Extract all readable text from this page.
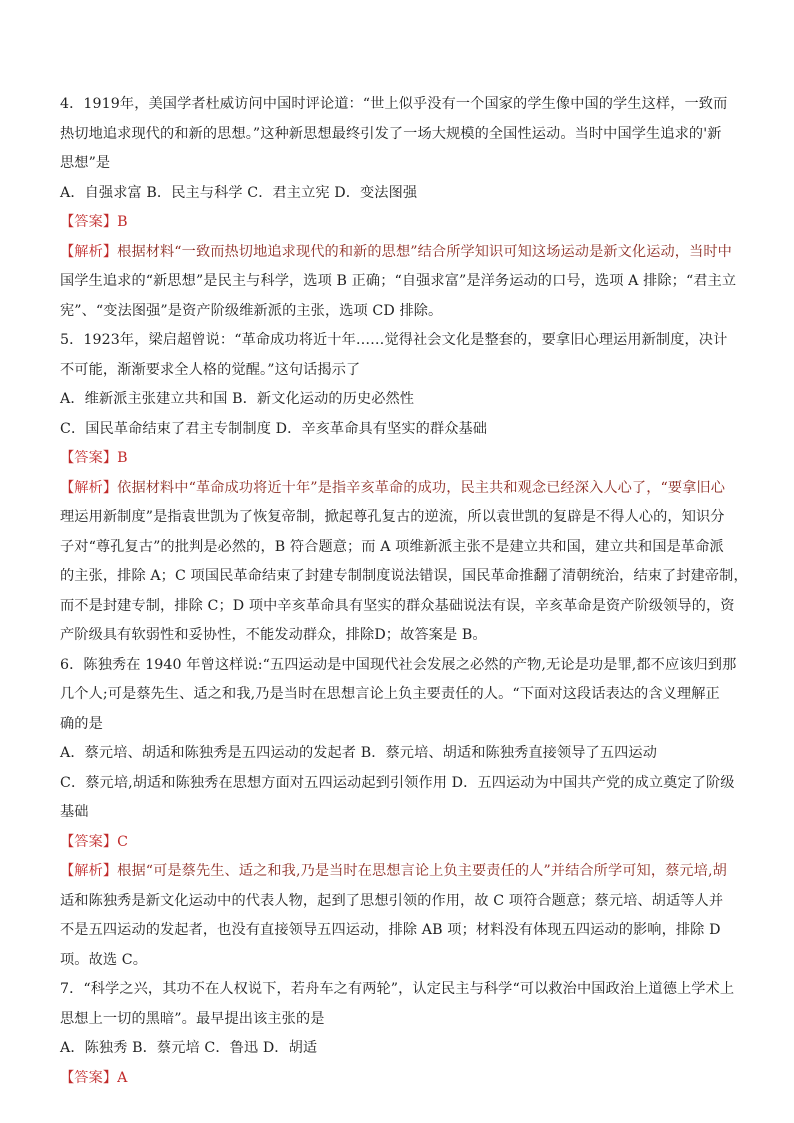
4．1919年，美国学者杜威访问中国时评论道：“世上似乎没有一个国家的学生像中国的学生这样，一致而
热切地追求现代的和新的思想。”这种新思想最终引发了一场大规模的全国性运动。当时中国学生追求的'新
思想”是
A．自强求富 B．民主与科学 C．君主立宪 D．变法图强
【答案】B
【解析】根据材料“一致而热切地追求现代的和新的思想”结合所学知识可知这场运动是新文化运动，当时中
国学生追求的“新思想”是民主与科学，选项 B 正确；“自强求富”是洋务运动的口号，选项 A 排除；“君主立
宪”、“变法图强”是资产阶级维新派的主张，选项 CD 排除。
5．1923年，梁启超曾说：“革命成功将近十年……觉得社会文化是整套的，要拿旧心理运用新制度，决计
不可能，渐渐要求全人格的觉醒。”这句话揭示了
A．维新派主张建立共和国 B．新文化运动的历史必然性
C．国民革命结束了君主专制制度 D．辛亥革命具有坚实的群众基础
【答案】B
【解析】依据材料中“革命成功将近十年”是指辛亥革命的成功，民主共和观念已经深入人心了，“要拿旧心
理运用新制度”是指袁世凯为了恢复帝制，掀起尊孔复古的逆流，所以袁世凯的复辟是不得人心的，知识分
子对“尊孔复古”的批判是必然的，B 符合题意；而 A 项维新派主张不是建立共和国，建立共和国是革命派
的主张，排除 A；C 项国民革命结束了封建专制制度说法错误，国民革命推翻了清朝统治，结束了封建帝制，
而不是封建专制，排除 C；D 项中辛亥革命具有坚实的群众基础说法有误，辛亥革命是资产阶级领导的，资
产阶级具有软弱性和妥协性，不能发动群众，排除D；故答案是 B。
6．陈独秀在 1940 年曾这样说:“五四运动是中国现代社会发展之必然的产物,无论是功是罪,都不应该归到那
几个人;可是蔡先生、适之和我,乃是当时在思想言论上负主要责任的人。“下面对这段话表达的含义理解正
确的是
A．蔡元培、胡适和陈独秀是五四运动的发起者 B．蔡元培、胡适和陈独秀直接领导了五四运动
C．蔡元培,胡适和陈独秀在思想方面对五四运动起到引领作用 D．五四运动为中国共产党的成立奠定了阶级
基础
【答案】C
【解析】根据“可是蔡先生、适之和我,乃是当时在思想言论上负主要责任的人”并结合所学可知，蔡元培,胡
适和陈独秀是新文化运动中的代表人物，起到了思想引领的作用，故 C 项符合题意；蔡元培、胡适等人并
不是五四运动的发起者，也没有直接领导五四运动，排除 AB 项；材料没有体现五四运动的影响，排除 D
项。故选 C。
7．“科学之兴，其功不在人权说下，若舟车之有两轮”，认定民主与科学“可以救治中国政治上道德上学术上
思想上一切的黑暗”。最早提出该主张的是
A．陈独秀 B．蔡元培 C．鲁迅 D．胡适
【答案】A
